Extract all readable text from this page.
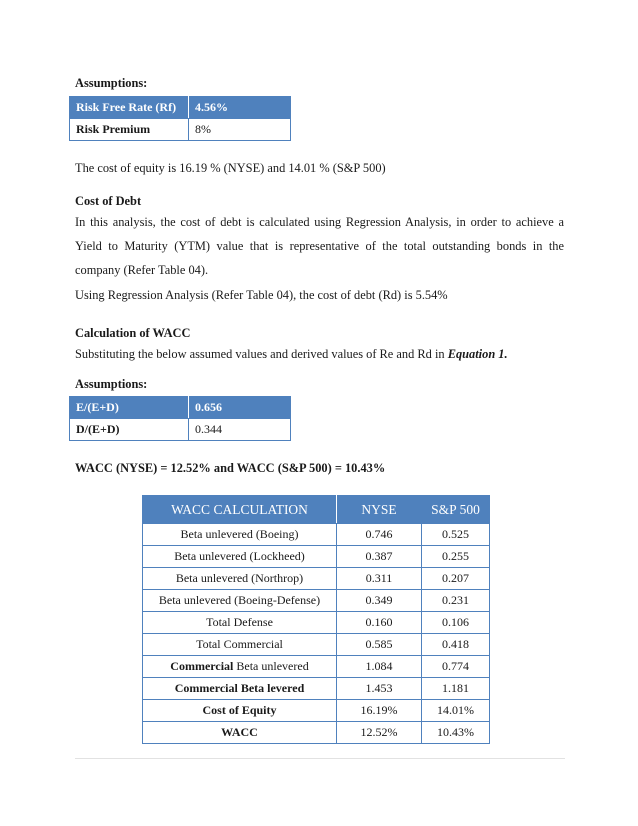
Assumptions:
Risk Free Rate (Rf)	4.56%
Risk Premium	8%
The cost of equity is 16.19 % (NYSE) and 14.01 % (S&P 500)
Cost of Debt
In this analysis, the cost of debt is calculated using Regression Analysis, in order to achieve a Yield to Maturity (YTM) value that is representative of the total outstanding bonds in the company (Refer Table 04).
Using Regression Analysis (Refer Table 04), the cost of debt (Rd) is 5.54%
Calculation of WACC
Substituting the below assumed values and derived values of Re and Rd in Equation 1.
Assumptions:
E/(E+D)	0.656
D/(E+D)	0.344
WACC (NYSE) = 12.52% and WACC (S&P 500) = 10.43%
WACC CALCULATION	NYSE	S&P 500
Beta unlevered (Boeing)	0.746	0.525
Beta unlevered (Lockheed)	0.387	0.255
Beta unlevered (Northrop)	0.311	0.207
Beta unlevered (Boeing-Defense)	0.349	0.231
Total Defense	0.160	0.106
Total Commercial	0.585	0.418
Commercial Beta unlevered	1.084	0.774
Commercial Beta levered	1.453	1.181
Cost of Equity	16.19%	14.01%
WACC	12.52%	10.43%
